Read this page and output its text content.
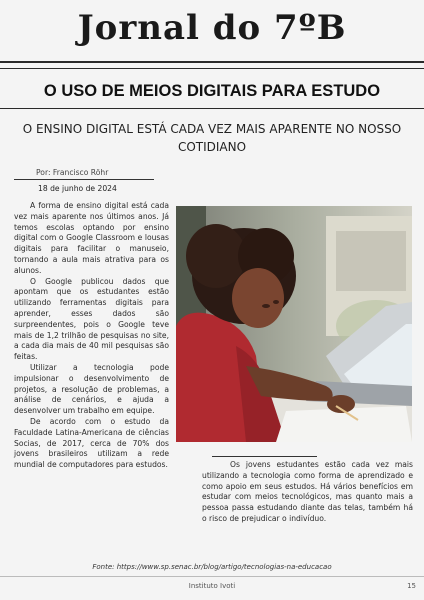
Jornal do 7ºB
O USO DE MEIOS DIGITAIS PARA ESTUDO
O ENSINO DIGITAL ESTÁ CADA VEZ MAIS APARENTE NO NOSSO COTIDIANO
Por: Francisco Röhr
18 de junho de 2024

A forma de ensino digital está cada vez mais aparente nos últimos anos. Já temos escolas optando por ensino digital com o Google Classroom e lousas digitais para facilitar o manuseio, tornando a aula mais atrativa para os alunos.

O Google publicou dados que apontam que os estudantes estão utilizando ferramentas digitais para aprender, esses dados são surpreendentes, pois o Google teve mais de 1,2 trilhão de pesquisas no site, a cada dia mais de 40 mil pesquisas são feitas.

Utilizar a tecnologia pode impulsionar o desenvolvimento de projetos, a resolução de problemas, a análise de cenários, e ajuda a desenvolver um trabalho em equipe.

De acordo com o estudo da Faculdade Latina-Americana de ciências Socias, de 2017, cerca de 70% dos jovens brasileiros utilizam a rede mundial de computadores para estudos.	Os jovens estudantes estão cada vez mais utilizando a tecnologia como forma de aprendizado e como apoio em seus estudos. Há vários benefícios em estudar com meios tecnológicos, mas quanto mais a pessoa passa estudando diante das telas, também há o risco de prejudicar o indivíduo.
Fonte: https://www.sp.senac.br/blog/artigo/tecnologias-na-educacao
Instituto Ivoti	15
